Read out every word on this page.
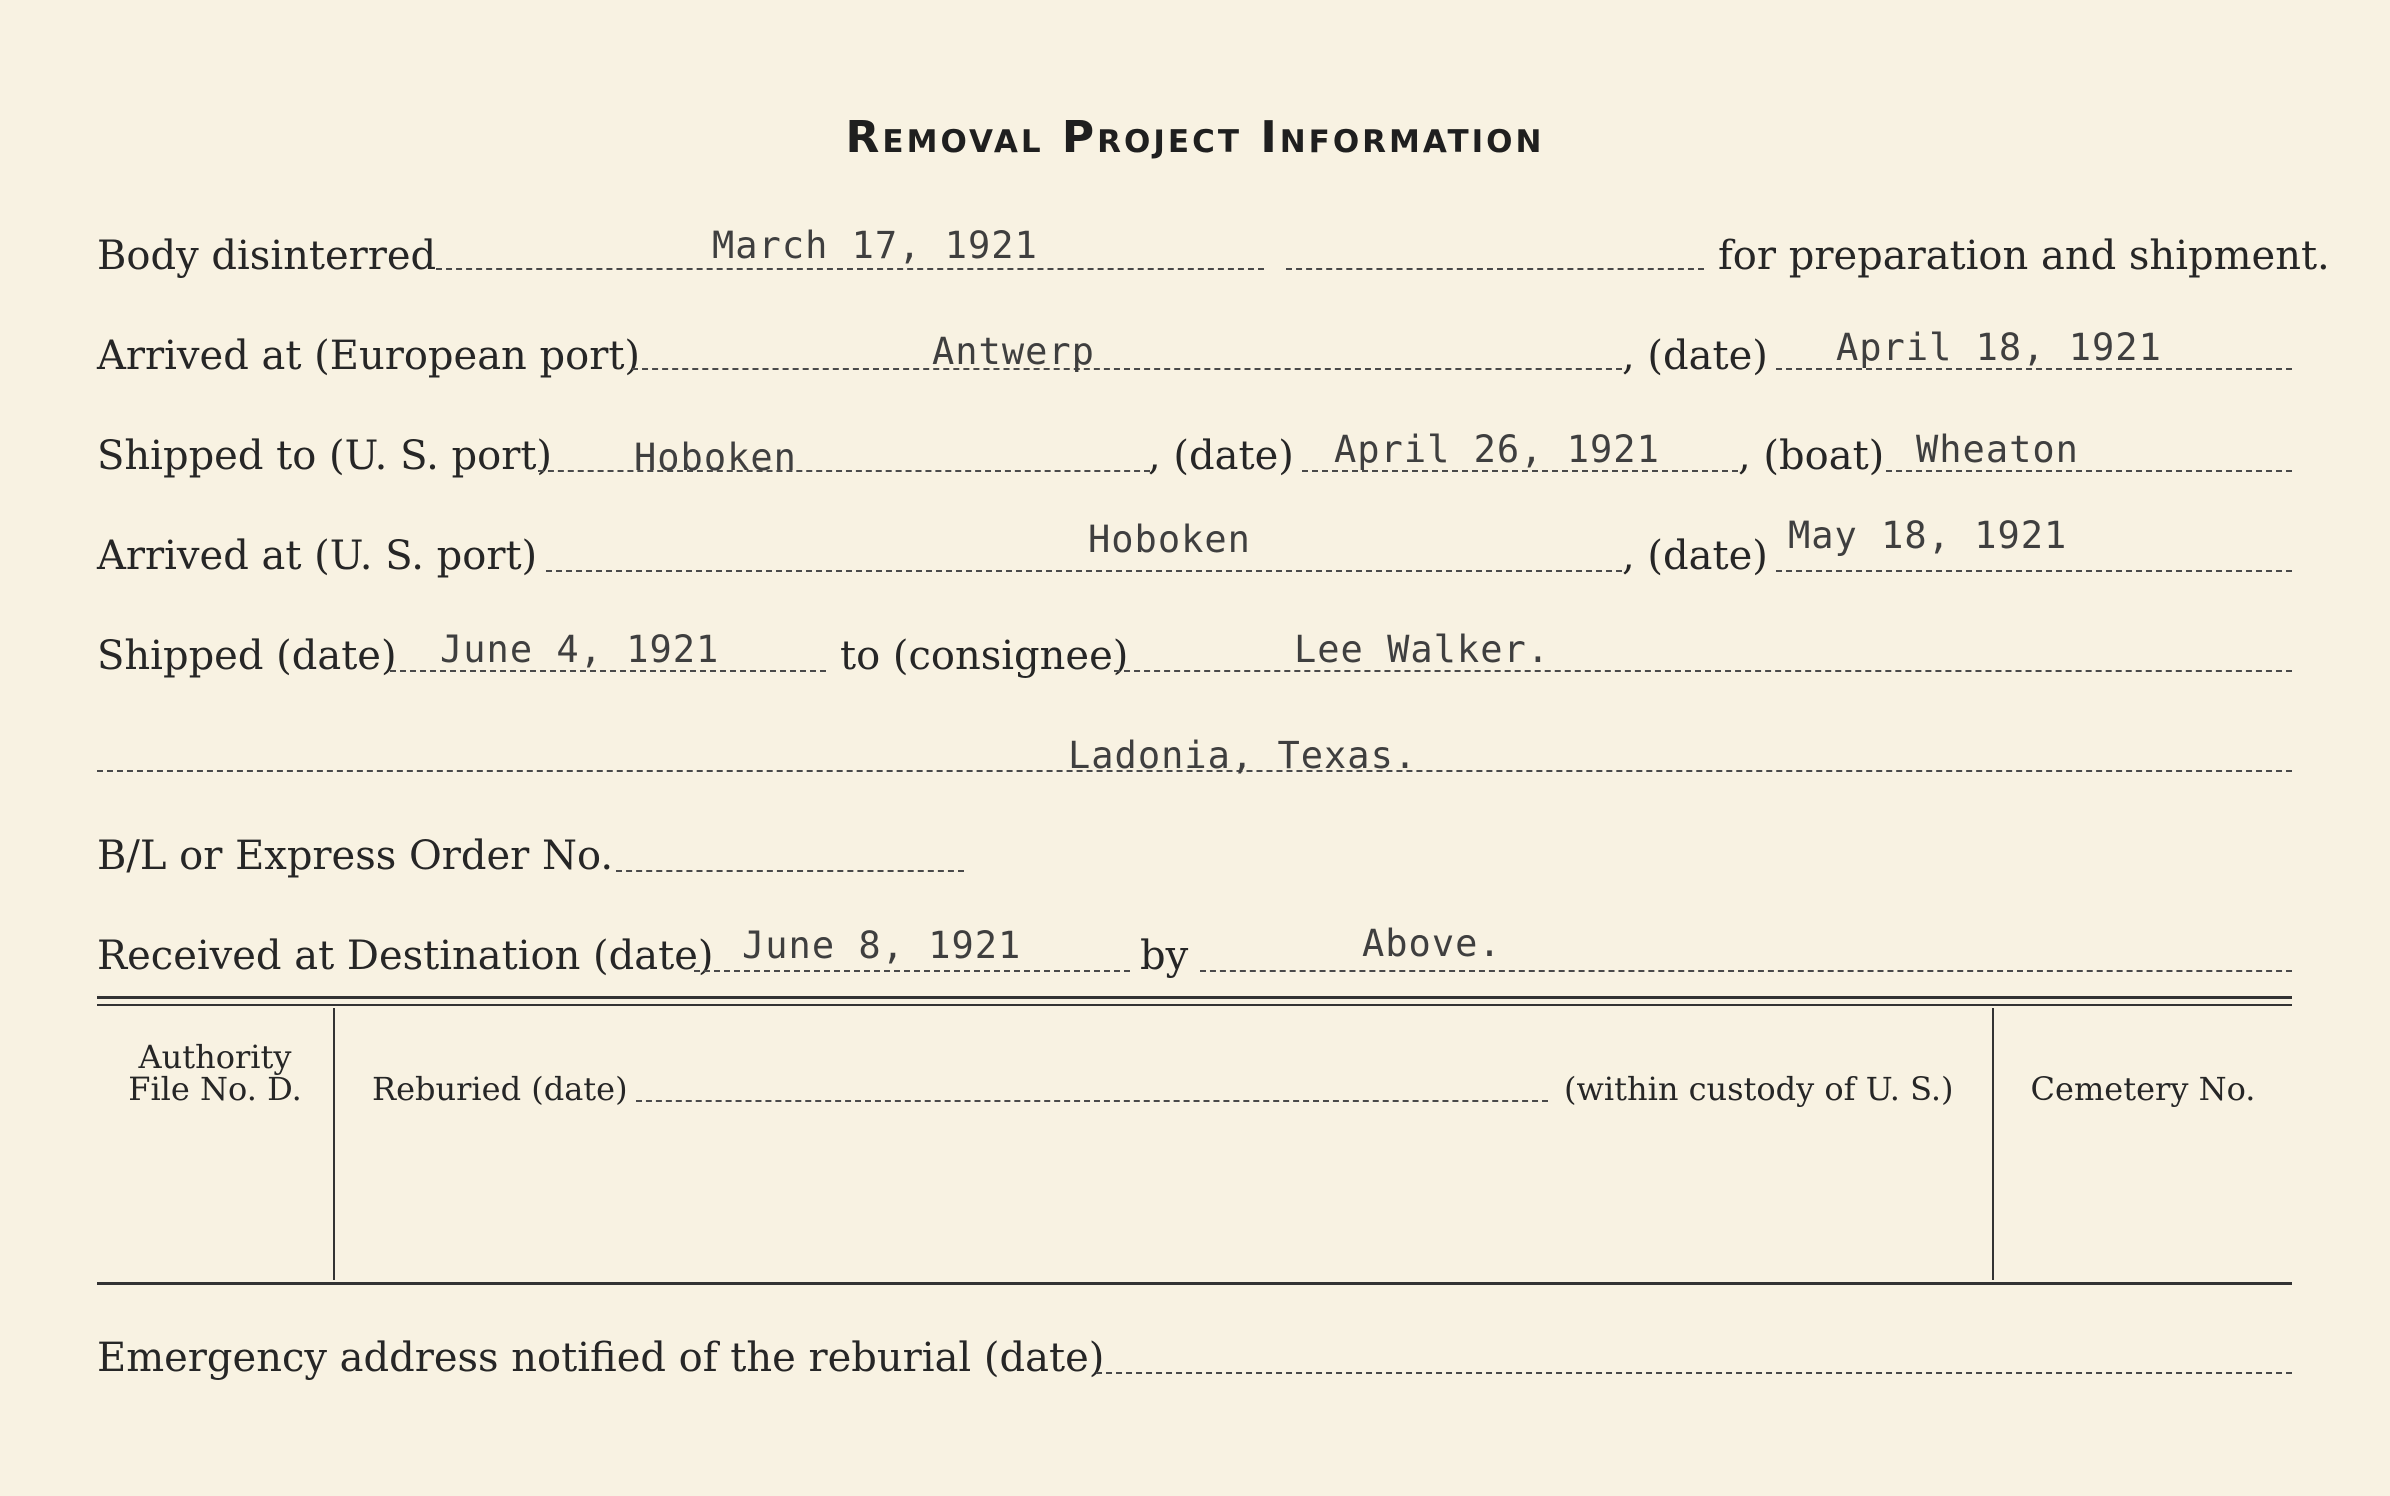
Removal Project Information
Body disinterred	March 17, 1921	for preparation and shipment.
Arrived at (European port)	Antwerp	, (date) April 18, 1921
Shipped to (U. S. port) Hoboken	, (date) April 26, 1921 , (boat) Wheaton
Arrived at (U. S. port)	Hoboken	, (date) May 18, 1921
Shipped (date) June 4, 1921	to (consignee)	Lee Walker.
Ladonia, Texas.
B/L or Express Order No.
Received at Destination (date) June 8, 1921	by	Above.
Authority
File No. D.	Reburied (date)	(within custody of U. S.)	Cemetery No.
Emergency address notified of the reburial (date)
